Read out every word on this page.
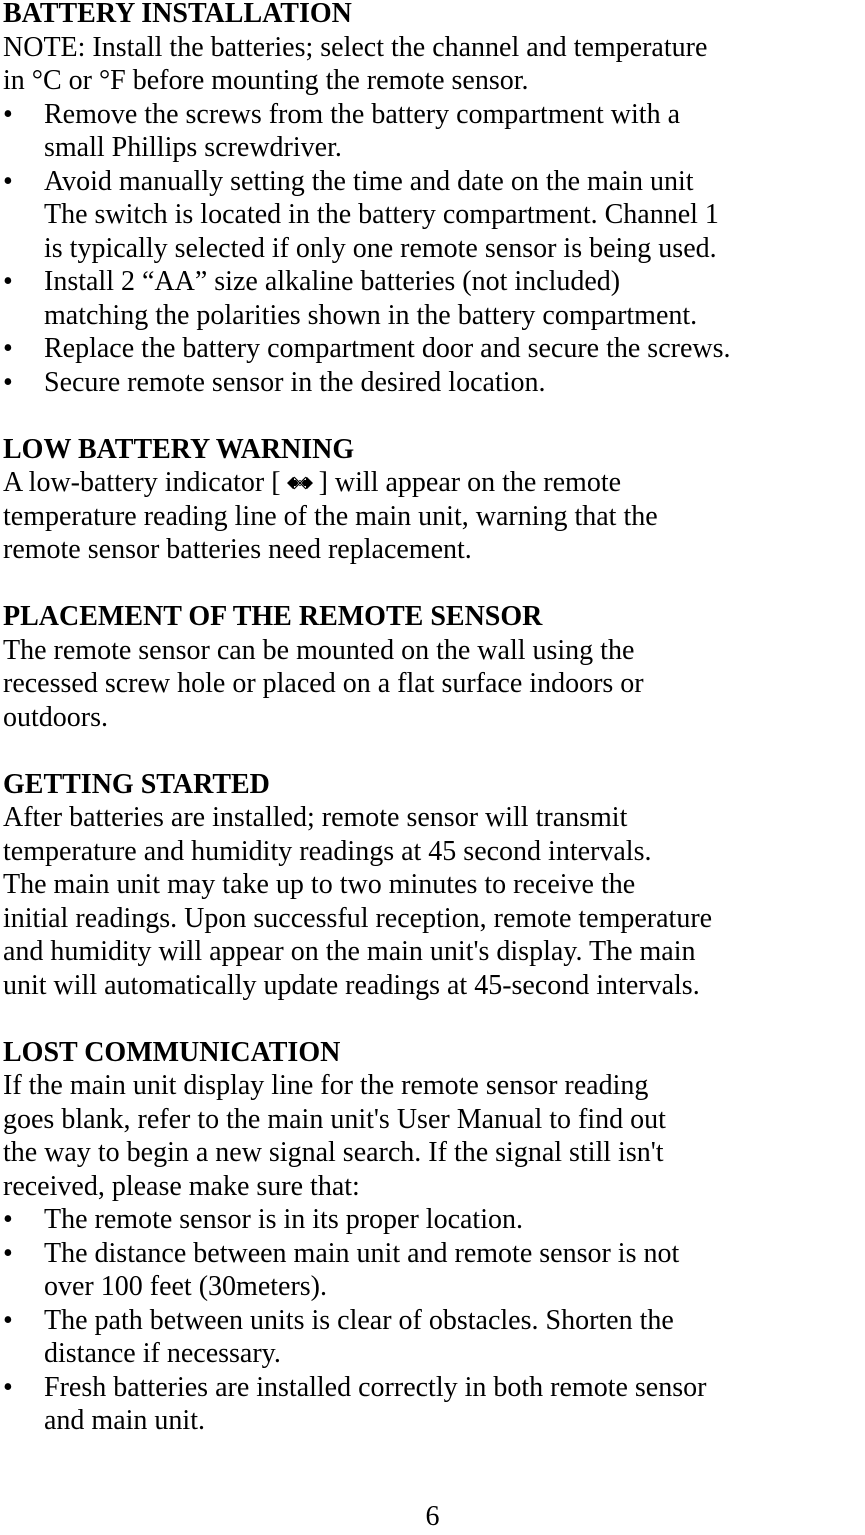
BATTERY INSTALLATION

NOTE: Install the batteries; select the channel and temperature

in °C or °F before mounting the remote sensor.

• Remove the screws from the battery compartment with a
small Phillips screwdriver.
• Avoid manually setting the time and date on the main unit
The switch is located in the battery compartment. Channel 1
is typically selected if only one remote sensor is being used.
• Install 2 “AA” size alkaline batteries (not included)
matching the polarities shown in the battery compartment.
• Replace the battery compartment door and secure the screws.
• Secure remote sensor in the desired location.

LOW BATTERY WARNING

A low-battery indicator [ ] will appear on the remote

temperature reading line of the main unit, warning that the

remote sensor batteries need replacement.

PLACEMENT OF THE REMOTE SENSOR

The remote sensor can be mounted on the wall using the

recessed screw hole or placed on a flat surface indoors or

outdoors.

GETTING STARTED

After batteries are installed; remote sensor will transmit

temperature and humidity readings at 45 second intervals.

The main unit may take up to two minutes to receive the

initial readings. Upon successful reception, remote temperature

and humidity will appear on the main unit's display. The main

unit will automatically update readings at 45-second intervals.

LOST COMMUNICATION

If the main unit display line for the remote sensor reading

goes blank, refer to the main unit's User Manual to find out

the way to begin a new signal search. If the signal still isn't

received, please make sure that:

• The remote sensor is in its proper location.
• The distance between main unit and remote sensor is not
over 100 feet (30meters).
• The path between units is clear of obstacles. Shorten the
distance if necessary.
• Fresh batteries are installed correctly in both remote sensor
and main unit.
6
